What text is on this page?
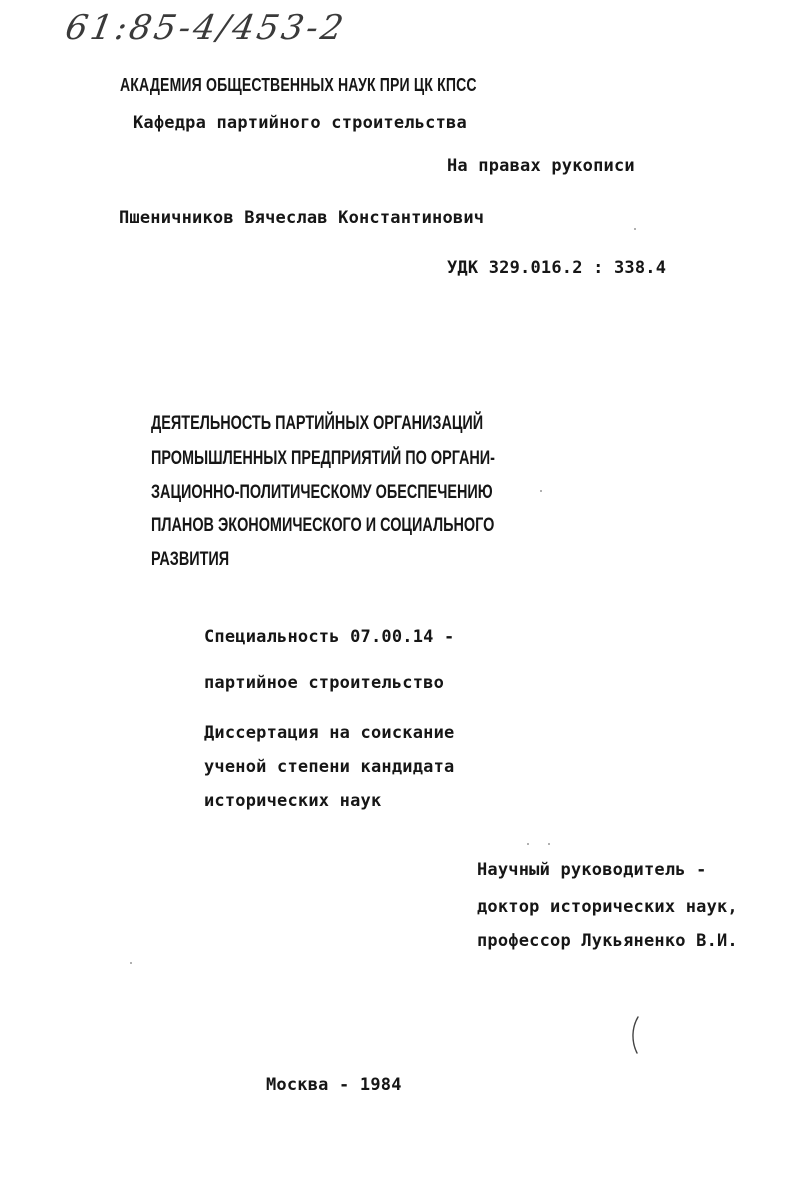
61:85-4/453-2
АКАДЕМИЯ ОБЩЕСТВЕННЫХ НАУК ПРИ ЦК КПСС
Кафедра партийного строительства
На правах рукописи
Пшеничников Вячеслав Константинович
УДК 329.016.2 : 338.4
ДЕЯТЕЛЬНОСТЬ ПАРТИЙНЫХ ОРГАНИЗАЦИЙ
ПРОМЫШЛЕННЫХ ПРЕДПРИЯТИЙ ПО ОРГАНИ-
ЗАЦИОННО-ПОЛИТИЧЕСКОМУ ОБЕСПЕЧЕНИЮ
ПЛАНОВ ЭКОНОМИЧЕСКОГО И СОЦИАЛЬНОГО
РАЗВИТИЯ
Специальность 07.00.14 -
партийное строительство
Диссертация на соискание
ученой степени кандидата
исторических наук
Научный руководитель -
доктор исторических наук,
профессор Лукьяненко В.И.
Москва - 1984
